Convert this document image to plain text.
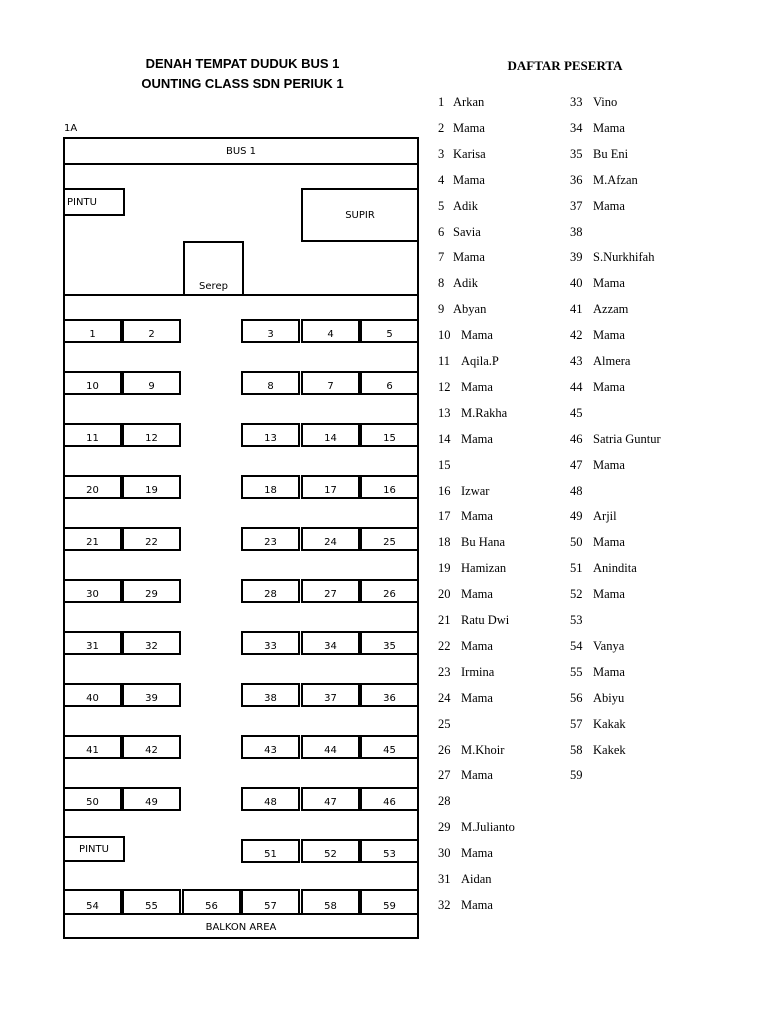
DENAH TEMPAT DUDUK BUS 1
OUNTING CLASS SDN PERIUK 1
DAFTAR PESERTA
1A
BUS 1
PINTU
SUPIR
Serep
PINTU
BALKON AREA
1	2	3	4	5
10	9	8	7	6
11	12	13	14	15
20	19	18	17	16
21	22	23	24	25
30	29	28	27	26
31	32	33	34	35
40	39	38	37	36
41	42	43	44	45
50	49	48	47	46
51	52	53
54	55	56	57	58	59
1 Arkan
2 Mama
3 Karisa
4 Mama
5 Adik
6 Savia
7 Mama
8 Adik
9 Abyan
10 Mama
11 Aqila.P
12 Mama
13 M.Rakha
14 Mama
15
16 Izwar
17 Mama
18 Bu Hana
19 Hamizan
20 Mama
21 Ratu Dwi
22 Mama
23 Irmina
24 Mama
25
26 M.Khoir
27 Mama
28
29 M.Julianto
30 Mama
31 Aidan
32 Mama
33 Vino
34 Mama
35 Bu Eni
36 M.Afzan
37 Mama
38
39 S.Nurkhifah
40 Mama
41 Azzam
42 Mama
43 Almera
44 Mama
45
46 Satria Guntur
47 Mama
48
49 Arjil
50 Mama
51 Anindita
52 Mama
53
54 Vanya
55 Mama
56 Abiyu
57 Kakak
58 Kakek
59
